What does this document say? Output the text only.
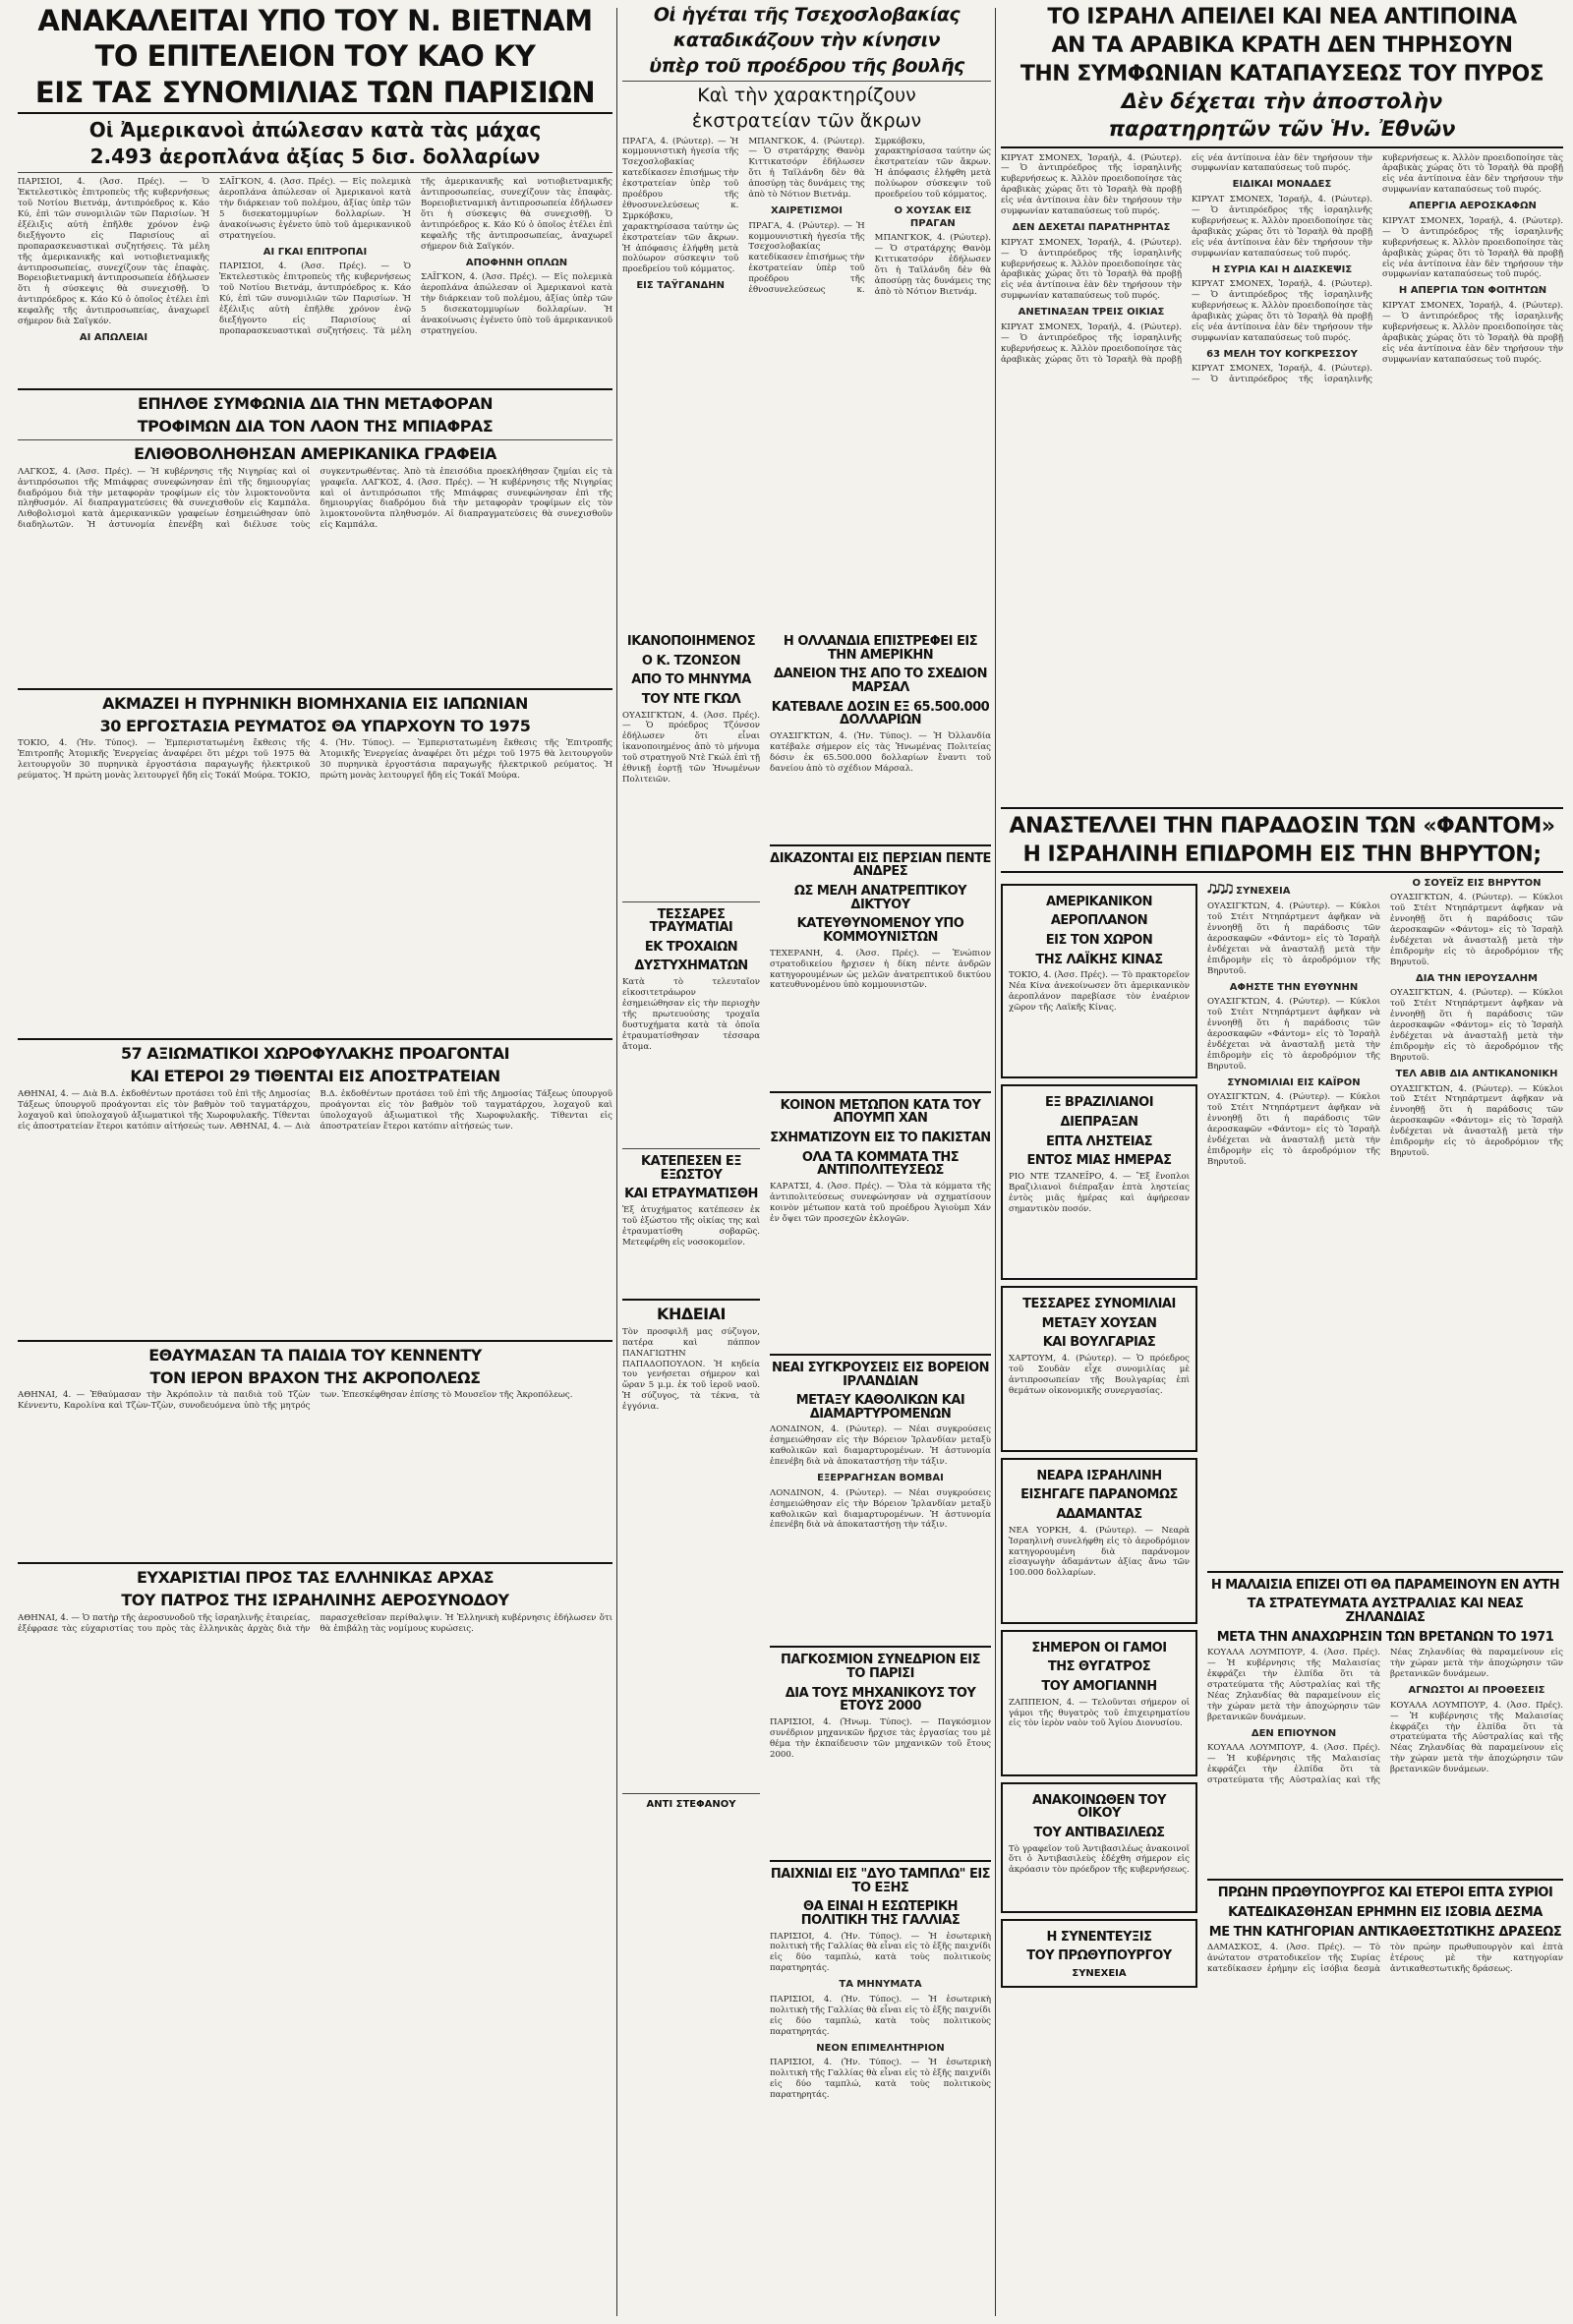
ΑΝΑΚΑΛΕΙΤΑΙ ΥΠΟ ΤΟΥ Ν. ΒΙΕΤΝΑΜ
ΤΟ ΕΠΙΤΕΛΕΙΟΝ ΤΟΥ ΚΑΟ ΚΥ
ΕΙΣ ΤΑΣ ΣΥΝΟΜΙΛΙΑΣ ΤΩΝ ΠΑΡΙΣΙΩΝ
Οἱ Ἀμερικανοὶ ἀπώλεσαν κατὰ τὰς μάχας
2.493 ἀεροπλάνα ἀξίας 5 δισ. δολλαρίων
ΠΑΡΙΣΙΟΙ, 4. (Ἀσσ. Πρές). — Ὁ Ἐκτελεστικὸς ἐπιτροπεὺς τῆς κυβερνήσεως τοῦ Νοτίου Βιετνάμ, ἀντιπρόεδρος κ. Κάο Κύ, ἐπὶ τῶν συνομιλιῶν τῶν Παρισίων. Ἡ ἐξέλιξις αὐτὴ ἐπῆλθε χρόνον ἐνῷ διεξήγοντο εἰς Παρισίους αἱ προπαρασκευαστικαὶ συζητήσεις. Τὰ μέλη τῆς ἀμερικανικῆς καὶ νοτιοβιετναμικῆς ἀντιπροσωπείας, συνεχίζουν τὰς ἐπαφὰς. Βορειοβιετναμικὴ ἀντιπροσωπεία ἐδήλωσεν ὅτι ἡ σύσκεψις θὰ συνεχισθῇ. Ὁ ἀντιπρόεδρος κ. Κάο Κύ ὁ ὁποῖος ἐτέλει ἐπὶ κεφαλῆς τῆς ἀντιπροσωπείας, ἀναχωρεῖ σήμερον διὰ Σαϊγκόν.
ΑΙ ΑΠΩΛΕΙΑΙ
ΣΑΪΓΚΟΝ, 4. (Ἀσσ. Πρές). — Εἰς πολεμικὰ ἀεροπλάνα ἀπώλεσαν οἱ Ἀμερικανοὶ κατὰ τὴν διάρκειαν τοῦ πολέμου, ἀξίας ὑπὲρ τῶν 5 δισεκατομμυρίων δολλαρίων. Ἡ ἀνακοίνωσις ἐγένετο ὑπὸ τοῦ ἀμερικανικοῦ στρατηγείου.
ΑΙ ΓΚΑΙ ΕΠΙΤΡΟΠΑΙ
ΠΑΡΙΣΙΟΙ, 4. (Ἀσσ. Πρές). — Ὁ Ἐκτελεστικὸς ἐπιτροπεὺς τῆς κυβερνήσεως τοῦ Νοτίου Βιετνάμ, ἀντιπρόεδρος κ. Κάο Κύ, ἐπὶ τῶν συνομιλιῶν τῶν Παρισίων. Ἡ ἐξέλιξις αὐτὴ ἐπῆλθε χρόνον ἐνῷ διεξήγοντο εἰς Παρισίους αἱ προπαρασκευαστικαὶ συζητήσεις. Τὰ μέλη τῆς ἀμερικανικῆς καὶ νοτιοβιετναμικῆς ἀντιπροσωπείας, συνεχίζουν τὰς ἐπαφὰς. Βορειοβιετναμικὴ ἀντιπροσωπεία ἐδήλωσεν ὅτι ἡ σύσκεψις θὰ συνεχισθῇ. Ὁ ἀντιπρόεδρος κ. Κάο Κύ ὁ ὁποῖος ἐτέλει ἐπὶ κεφαλῆς τῆς ἀντιπροσωπείας, ἀναχωρεῖ σήμερον διὰ Σαϊγκόν.
ΑΠΟΦΗΝΗ ΟΠΛΩΝ
ΣΑΪΓΚΟΝ, 4. (Ἀσσ. Πρές). — Εἰς πολεμικὰ ἀεροπλάνα ἀπώλεσαν οἱ Ἀμερικανοὶ κατὰ τὴν διάρκειαν τοῦ πολέμου, ἀξίας ὑπὲρ τῶν 5 δισεκατομμυρίων δολλαρίων. Ἡ ἀνακοίνωσις ἐγένετο ὑπὸ τοῦ ἀμερικανικοῦ στρατηγείου.
ΕΠΗΛΘΕ ΣΥΜΦΩΝΙΑ ΔΙΑ ΤΗΝ ΜΕΤΑΦΟΡΑΝ
ΤΡΟΦΙΜΩΝ ΔΙΑ ΤΟΝ ΛΑΟΝ ΤΗΣ ΜΠΙΑΦΡΑΣ
ΕΛΙΘΟΒΟΛΗΘΗΣΑΝ ΑΜΕΡΙΚΑΝΙΚΑ ΓΡΑΦΕΙΑ
ΛΑΓΚΟΣ, 4. (Ἀσσ. Πρές). — Ἡ κυβέρνησις τῆς Νιγηρίας καὶ οἱ ἀντιπρόσωποι τῆς Μπιάφρας συνεφώνησαν ἐπὶ τῆς δημιουργίας διαδρόμου διὰ τὴν μεταφορὰν τροφίμων εἰς τὸν λιμοκτονοῦντα πληθυσμόν. Αἱ διαπραγματεύσεις θὰ συνεχισθοῦν εἰς Καμπάλα. Λιθοβολισμοὶ κατὰ ἀμερικανικῶν γραφείων ἐσημειώθησαν ὑπὸ διαδηλωτῶν. Ἡ ἀστυνομία ἐπενέβη καὶ διέλυσε τοὺς συγκεντρωθέντας. Ἀπὸ τὰ ἐπεισόδια προεκλήθησαν ζημίαι εἰς τὰ γραφεῖα. ΛΑΓΚΟΣ, 4. (Ἀσσ. Πρές). — Ἡ κυβέρνησις τῆς Νιγηρίας καὶ οἱ ἀντιπρόσωποι τῆς Μπιάφρας συνεφώνησαν ἐπὶ τῆς δημιουργίας διαδρόμου διὰ τὴν μεταφορὰν τροφίμων εἰς τὸν λιμοκτονοῦντα πληθυσμόν. Αἱ διαπραγματεύσεις θὰ συνεχισθοῦν εἰς Καμπάλα.
ΑΚΜΑΖΕΙ Η ΠΥΡΗΝΙΚΗ ΒΙΟΜΗΧΑΝΙΑ ΕΙΣ ΙΑΠΩΝΙΑΝ
30 ΕΡΓΟΣΤΑΣΙΑ ΡΕΥΜΑΤΟΣ ΘΑ ΥΠΑΡΧΟΥΝ ΤΟ 1975
ΤΟΚΙΟ, 4. (Ἡν. Τύπος). — Ἐμπεριστατωμένη ἔκθεσις τῆς Ἐπιτροπῆς Ἀτομικῆς Ἐνεργείας ἀναφέρει ὅτι μέχρι τοῦ 1975 θὰ λειτουργοῦν 30 πυρηνικὰ ἐργοστάσια παραγωγῆς ἠλεκτρικοῦ ρεύματος. Ἡ πρώτη μονὰς λειτουργεῖ ἤδη εἰς Τοκάϊ Μούρα. ΤΟΚΙΟ, 4. (Ἡν. Τύπος). — Ἐμπεριστατωμένη ἔκθεσις τῆς Ἐπιτροπῆς Ἀτομικῆς Ἐνεργείας ἀναφέρει ὅτι μέχρι τοῦ 1975 θὰ λειτουργοῦν 30 πυρηνικὰ ἐργοστάσια παραγωγῆς ἠλεκτρικοῦ ρεύματος. Ἡ πρώτη μονὰς λειτουργεῖ ἤδη εἰς Τοκάϊ Μούρα.
57 ΑΞΙΩΜΑΤΙΚΟΙ ΧΩΡΟΦΥΛΑΚΗΣ ΠΡΟΑΓΟΝΤΑΙ
ΚΑΙ ΕΤΕΡΟΙ 29 ΤΙΘΕΝΤΑΙ ΕΙΣ ΑΠΟΣΤΡΑΤΕΙΑΝ
ΑΘΗΝΑΙ, 4. — Διὰ Β.Δ. ἐκδοθέντων προτάσει τοῦ ἐπὶ τῆς Δημοσίας Τάξεως ὑπουργοῦ προάγονται εἰς τὸν βαθμὸν τοῦ ταγματάρχου, λοχαγοῦ καὶ ὑπολοχαγοῦ ἀξιωματικοὶ τῆς Χωροφυλακῆς. Τίθενται εἰς ἀποστρατείαν ἕτεροι κατόπιν αἰτήσεώς των. ΑΘΗΝΑΙ, 4. — Διὰ Β.Δ. ἐκδοθέντων προτάσει τοῦ ἐπὶ τῆς Δημοσίας Τάξεως ὑπουργοῦ προάγονται εἰς τὸν βαθμὸν τοῦ ταγματάρχου, λοχαγοῦ καὶ ὑπολοχαγοῦ ἀξιωματικοὶ τῆς Χωροφυλακῆς. Τίθενται εἰς ἀποστρατείαν ἕτεροι κατόπιν αἰτήσεώς των.
ΕΘΑΥΜΑΣΑΝ ΤΑ ΠΑΙΔΙΑ ΤΟΥ ΚΕΝΝΕΝΤΥ
ΤΟΝ ΙΕΡΟΝ ΒΡΑΧΟΝ ΤΗΣ ΑΚΡΟΠΟΛΕΩΣ
ΑΘΗΝΑΙ, 4. — Ἐθαύμασαν τὴν Ἀκρόπολιν τὰ παιδιὰ τοῦ Τζὼν Κέννεντυ, Καρολίνα καὶ Τζὼν-Τζὼν, συνοδευόμενα ὑπὸ τῆς μητρός των. Ἐπεσκέφθησαν ἐπίσης τὸ Μουσεῖον τῆς Ἀκροπόλεως.
ΕΥΧΑΡΙΣΤΙΑΙ ΠΡΟΣ ΤΑΣ ΕΛΛΗΝΙΚΑΣ ΑΡΧΑΣ
ΤΟΥ ΠΑΤΡΟΣ ΤΗΣ ΙΣΡΑΗΛΙΝΗΣ ΑΕΡΟΣΥΝΟΔΟΥ
ΑΘΗΝΑΙ, 4. — Ὁ πατὴρ τῆς ἀεροσυνοδοῦ τῆς ἰσραηλινῆς ἑταιρείας, ἐξέφρασε τὰς εὐχαριστίας του πρὸς τὰς ἑλληνικὰς ἀρχὰς διὰ τὴν παρασχεθεῖσαν περίθαλψιν. Ἡ Ἑλληνικὴ κυβέρνησις ἐδήλωσεν ὅτι θὰ ἐπιβάλῃ τὰς νομίμους κυρώσεις.
Οἱ ἡγέται τῆς Τσεχοσλοβακίας
καταδικάζουν τὴν κίνησιν
ὑπὲρ τοῦ προέδρου τῆς βουλῆς
Καὶ τὴν χαρακτηρίζουν
ἐκστρατείαν τῶν ἄκρων
ΠΡΑΓΑ, 4. (Ρώυτερ). — Ἡ κομμουνιστικὴ ἡγεσία τῆς Τσεχοσλοβακίας κατεδίκασεν ἐπισήμως τὴν ἐκστρατείαν ὑπὲρ τοῦ προέδρου τῆς ἐθνοσυνελεύσεως κ. Σμρκόβσκυ, χαρακτηρίσασα ταύτην ὡς ἐκστρατείαν τῶν ἄκρων. Ἡ ἀπόφασις ἐλήφθη μετὰ πολύωρον σύσκεψιν τοῦ προεδρείου τοῦ κόμματος.
ΕΙΣ ΤΑΫΓΑΝΔΗΝ
ΜΠΑΝΓΚΟΚ, 4. (Ρώυτερ). — Ὁ στρατάρχης Θανὸμ Κιττικατσόρν ἐδήλωσεν ὅτι ἡ Ταϊλάνδη δὲν θὰ ἀποσύρῃ τὰς δυνάμεις της ἀπὸ τὸ Νότιον Βιετνάμ.
ΧΑΙΡΕΤΙΣΜΟΙ
ΠΡΑΓΑ, 4. (Ρώυτερ). — Ἡ κομμουνιστικὴ ἡγεσία τῆς Τσεχοσλοβακίας κατεδίκασεν ἐπισήμως τὴν ἐκστρατείαν ὑπὲρ τοῦ προέδρου τῆς ἐθνοσυνελεύσεως κ. Σμρκόβσκυ, χαρακτηρίσασα ταύτην ὡς ἐκστρατείαν τῶν ἄκρων. Ἡ ἀπόφασις ἐλήφθη μετὰ πολύωρον σύσκεψιν τοῦ προεδρείου τοῦ κόμματος.
Ο ΧΟΥΣΑΚ ΕΙΣ ΠΡΑΓΑΝ
ΜΠΑΝΓΚΟΚ, 4. (Ρώυτερ). — Ὁ στρατάρχης Θανὸμ Κιττικατσόρν ἐδήλωσεν ὅτι ἡ Ταϊλάνδη δὲν θὰ ἀποσύρῃ τὰς δυνάμεις της ἀπὸ τὸ Νότιον Βιετνάμ.
ΙΚΑΝΟΠΟΙΗΜΕΝΟΣ
Ο Κ. ΤΖΟΝΣΟΝ
ΑΠΟ ΤΟ ΜΗΝΥΜΑ
ΤΟΥ ΝΤΕ ΓΚΩΛ
ΟΥΑΣΙΓΚΤΩΝ, 4. (Ἀσσ. Πρές). — Ὁ πρόεδρος Τζόνσον ἐδήλωσεν ὅτι εἶναι ἱκανοποιημένος ἀπὸ τὸ μήνυμα τοῦ στρατηγοῦ Ντὲ Γκώλ ἐπὶ τῇ ἐθνικῇ ἑορτῇ τῶν Ἡνωμένων Πολιτειῶν.
ΤΕΣΣΑΡΕΣ ΤΡΑΥΜΑΤΙΑΙ
ΕΚ ΤΡΟΧΑΙΩΝ
ΔΥΣΤΥΧΗΜΑΤΩΝ
Κατὰ τὸ τελευταῖον εἰκοσιτετράωρον ἐσημειώθησαν εἰς τὴν περιοχὴν τῆς πρωτευούσης τροχαῖα δυστυχήματα κατὰ τὰ ὁποῖα ἐτραυματίσθησαν τέσσαρα ἄτομα.
ΚΑΤΕΠΕΣΕΝ ΕΞ ΕΞΩΣΤΟΥ
ΚΑΙ ΕΤΡΑΥΜΑΤΙΣΘΗ
Ἐξ ἀτυχήματος κατέπεσεν ἐκ τοῦ ἐξώστου τῆς οἰκίας της καὶ ἐτραυματίσθη σοβαρῶς. Μετεφέρθη εἰς νοσοκομεῖον.
ΚΗΔΕΙΑΙ
Τὸν προσφιλῆ μας σύζυγον, πατέρα καὶ πάππον ΠΑΝΑΓΙΩΤΗΝ ΠΑΠΑΔΟΠΟΥΛΟΝ. Ἡ κηδεία του γενήσεται σήμερον καὶ ὥραν 5 μ.μ. ἐκ τοῦ ἱεροῦ ναοῦ. Ἡ σύζυγος, τὰ τέκνα, τὰ ἐγγόνια.
ΑΝΤΙ ΣΤΕΦΑΝΟΥ
Η ΟΛΛΑΝΔΙΑ ΕΠΙΣΤΡΕΦΕΙ ΕΙΣ ΤΗΝ ΑΜΕΡΙΚΗΝ
ΔΑΝΕΙΟΝ ΤΗΣ ΑΠΟ ΤΟ ΣΧΕΔΙΟΝ ΜΑΡΣΑΛ
ΚΑΤΕΒΑΛΕ ΔΟΣΙΝ ΕΞ 65.500.000 ΔΟΛΛΑΡΙΩΝ
ΟΥΑΣΙΓΚΤΩΝ, 4. (Ἡν. Τύπος). — Ἡ Ὀλλανδία κατέβαλε σήμερον εἰς τὰς Ἡνωμένας Πολιτείας δόσιν ἐκ 65.500.000 δολλαρίων ἔναντι τοῦ δανείου ἀπὸ τὸ σχέδιον Μάρσαλ.
ΔΙΚΑΖΟΝΤΑΙ ΕΙΣ ΠΕΡΣΙΑΝ ΠΕΝΤΕ ΑΝΔΡΕΣ
ΩΣ ΜΕΛΗ ΑΝΑΤΡΕΠΤΙΚΟΥ ΔΙΚΤΥΟΥ
ΚΑΤΕΥΘΥΝΟΜΕΝΟΥ ΥΠΟ ΚΟΜΜΟΥΝΙΣΤΩΝ
ΤΕΧΕΡΑΝΗ, 4. (Ἀσσ. Πρές). — Ἐνώπιον στρατοδικείου ἤρχισεν ἡ δίκη πέντε ἀνδρῶν κατηγορουμένων ὡς μελῶν ἀνατρεπτικοῦ δικτύου κατευθυνομένου ὑπὸ κομμουνιστῶν.
ΚΟΙΝΟΝ ΜΕΤΩΠΟΝ ΚΑΤΑ ΤΟΥ ΑΠΟΥΜΠ ΧΑΝ
ΣΧΗΜΑΤΙΖΟΥΝ ΕΙΣ ΤΟ ΠΑΚΙΣΤΑΝ
ΟΛΑ ΤΑ ΚΟΜΜΑΤΑ ΤΗΣ ΑΝΤΙΠΟΛΙΤΕΥΣΕΩΣ
ΚΑΡΑΤΣΙ, 4. (Ἀσσ. Πρές). — Ὅλα τὰ κόμματα τῆς ἀντιπολιτεύσεως συνεφώνησαν νὰ σχηματίσουν κοινὸν μέτωπον κατὰ τοῦ προέδρου Ἀγιοὺμπ Χάν ἐν ὄψει τῶν προσεχῶν ἐκλογῶν.
ΝΕΑΙ ΣΥΓΚΡΟΥΣΕΙΣ ΕΙΣ ΒΟΡΕΙΟΝ ΙΡΛΑΝΔΙΑΝ
ΜΕΤΑΞΥ ΚΑΘΟΛΙΚΩΝ ΚΑΙ ΔΙΑΜΑΡΤΥΡΟΜΕΝΩΝ
ΛΟΝΔΙΝΟΝ, 4. (Ρώυτερ). — Νέαι συγκρούσεις ἐσημειώθησαν εἰς τὴν Βόρειον Ἰρλανδίαν μεταξὺ καθολικῶν καὶ διαμαρτυρομένων. Ἡ ἀστυνομία ἐπενέβη διὰ νὰ ἀποκαταστήσῃ τὴν τάξιν.
ΕΞΕΡΡΑΓΗΣΑΝ ΒΟΜΒΑΙ
ΛΟΝΔΙΝΟΝ, 4. (Ρώυτερ). — Νέαι συγκρούσεις ἐσημειώθησαν εἰς τὴν Βόρειον Ἰρλανδίαν μεταξὺ καθολικῶν καὶ διαμαρτυρομένων. Ἡ ἀστυνομία ἐπενέβη διὰ νὰ ἀποκαταστήσῃ τὴν τάξιν.
ΠΑΓΚΟΣΜΙΟΝ ΣΥΝΕΔΡΙΟΝ ΕΙΣ ΤΟ ΠΑΡΙΣΙ
ΔΙΑ ΤΟΥΣ ΜΗΧΑΝΙΚΟΥΣ ΤΟΥ ΕΤΟΥΣ 2000
ΠΑΡΙΣΙΟΙ, 4. (Ἡνωμ. Τύπος). — Παγκόσμιον συνέδριον μηχανικῶν ἤρχισε τὰς ἐργασίας του μὲ θέμα τὴν ἐκπαίδευσιν τῶν μηχανικῶν τοῦ ἔτους 2000.
ΠΑΙΧΝΙΔΙ ΕΙΣ "ΔΥΟ ΤΑΜΠΛΩ" ΕΙΣ ΤΟ ΕΞΗΣ
ΘΑ ΕΙΝΑΙ Η ΕΣΩΤΕΡΙΚΗ ΠΟΛΙΤΙΚΗ ΤΗΣ ΓΑΛΛΙΑΣ
ΠΑΡΙΣΙΟΙ, 4. (Ἡν. Τύπος). — Ἡ ἐσωτερικὴ πολιτικὴ τῆς Γαλλίας θὰ εἶναι εἰς τὸ ἑξῆς παιχνίδι εἰς δύο ταμπλώ, κατὰ τοὺς πολιτικοὺς παρατηρητάς.
ΤΑ ΜΗΝΥΜΑΤΑ
ΠΑΡΙΣΙΟΙ, 4. (Ἡν. Τύπος). — Ἡ ἐσωτερικὴ πολιτικὴ τῆς Γαλλίας θὰ εἶναι εἰς τὸ ἑξῆς παιχνίδι εἰς δύο ταμπλώ, κατὰ τοὺς πολιτικοὺς παρατηρητάς.
ΝΕΟΝ ΕΠΙΜΕΛΗΤΗΡΙΟΝ
ΠΑΡΙΣΙΟΙ, 4. (Ἡν. Τύπος). — Ἡ ἐσωτερικὴ πολιτικὴ τῆς Γαλλίας θὰ εἶναι εἰς τὸ ἑξῆς παιχνίδι εἰς δύο ταμπλώ, κατὰ τοὺς πολιτικοὺς παρατηρητάς.
ΤΟ ΙΣΡΑΗΛ ΑΠΕΙΛΕΙ ΚΑΙ ΝΕΑ ΑΝΤΙΠΟΙΝΑ
ΑΝ ΤΑ ΑΡΑΒΙΚΑ ΚΡΑΤΗ ΔΕΝ ΤΗΡΗΣΟΥΝ
ΤΗΝ ΣΥΜΦΩΝΙΑΝ ΚΑΤΑΠΑΥΣΕΩΣ ΤΟΥ ΠΥΡΟΣ
Δὲν δέχεται τὴν ἀποστολὴν
παρατηρητῶν τῶν Ἡν. Ἐθνῶν
ΚΙΡΥΑΤ ΣΜΟΝΕΧ, Ἰσραήλ, 4. (Ρώυτερ). — Ὁ ἀντιπρόεδρος τῆς ἰσραηλινῆς κυβερνήσεως κ. Ἀλλὸν προειδοποίησε τὰς ἀραβικὰς χώρας ὅτι τὸ Ἰσραὴλ θὰ προβῇ εἰς νέα ἀντίποινα ἐὰν δὲν τηρήσουν τὴν συμφωνίαν καταπαύσεως τοῦ πυρός.
ΔΕΝ ΔΕΧΕΤΑΙ ΠΑΡΑΤΗΡΗΤΑΣ
ΚΙΡΥΑΤ ΣΜΟΝΕΧ, Ἰσραήλ, 4. (Ρώυτερ). — Ὁ ἀντιπρόεδρος τῆς ἰσραηλινῆς κυβερνήσεως κ. Ἀλλὸν προειδοποίησε τὰς ἀραβικὰς χώρας ὅτι τὸ Ἰσραὴλ θὰ προβῇ εἰς νέα ἀντίποινα ἐὰν δὲν τηρήσουν τὴν συμφωνίαν καταπαύσεως τοῦ πυρός.
ΑΝΕΤΙΝΑΞΑΝ ΤΡΕΙΣ ΟΙΚΙΑΣ
ΚΙΡΥΑΤ ΣΜΟΝΕΧ, Ἰσραήλ, 4. (Ρώυτερ). — Ὁ ἀντιπρόεδρος τῆς ἰσραηλινῆς κυβερνήσεως κ. Ἀλλὸν προειδοποίησε τὰς ἀραβικὰς χώρας ὅτι τὸ Ἰσραὴλ θὰ προβῇ εἰς νέα ἀντίποινα ἐὰν δὲν τηρήσουν τὴν συμφωνίαν καταπαύσεως τοῦ πυρός.
ΕΙΔΙΚΑΙ ΜΟΝΑΔΕΣ
ΚΙΡΥΑΤ ΣΜΟΝΕΧ, Ἰσραήλ, 4. (Ρώυτερ). — Ὁ ἀντιπρόεδρος τῆς ἰσραηλινῆς κυβερνήσεως κ. Ἀλλὸν προειδοποίησε τὰς ἀραβικὰς χώρας ὅτι τὸ Ἰσραὴλ θὰ προβῇ εἰς νέα ἀντίποινα ἐὰν δὲν τηρήσουν τὴν συμφωνίαν καταπαύσεως τοῦ πυρός.
Η ΣΥΡΙΑ ΚΑΙ Η ΔΙΑΣΚΕΨΙΣ
ΚΙΡΥΑΤ ΣΜΟΝΕΧ, Ἰσραήλ, 4. (Ρώυτερ). — Ὁ ἀντιπρόεδρος τῆς ἰσραηλινῆς κυβερνήσεως κ. Ἀλλὸν προειδοποίησε τὰς ἀραβικὰς χώρας ὅτι τὸ Ἰσραὴλ θὰ προβῇ εἰς νέα ἀντίποινα ἐὰν δὲν τηρήσουν τὴν συμφωνίαν καταπαύσεως τοῦ πυρός.
63 ΜΕΛΗ ΤΟΥ ΚΟΓΚΡΕΣΣΟΥ
ΚΙΡΥΑΤ ΣΜΟΝΕΧ, Ἰσραήλ, 4. (Ρώυτερ). — Ὁ ἀντιπρόεδρος τῆς ἰσραηλινῆς κυβερνήσεως κ. Ἀλλὸν προειδοποίησε τὰς ἀραβικὰς χώρας ὅτι τὸ Ἰσραὴλ θὰ προβῇ εἰς νέα ἀντίποινα ἐὰν δὲν τηρήσουν τὴν συμφωνίαν καταπαύσεως τοῦ πυρός.
ΑΠΕΡΓΙΑ ΑΕΡΟΣΚΑΦΩΝ
ΚΙΡΥΑΤ ΣΜΟΝΕΧ, Ἰσραήλ, 4. (Ρώυτερ). — Ὁ ἀντιπρόεδρος τῆς ἰσραηλινῆς κυβερνήσεως κ. Ἀλλὸν προειδοποίησε τὰς ἀραβικὰς χώρας ὅτι τὸ Ἰσραὴλ θὰ προβῇ εἰς νέα ἀντίποινα ἐὰν δὲν τηρήσουν τὴν συμφωνίαν καταπαύσεως τοῦ πυρός.
Η ΑΠΕΡΓΙΑ ΤΩΝ ΦΟΙΤΗΤΩΝ
ΚΙΡΥΑΤ ΣΜΟΝΕΧ, Ἰσραήλ, 4. (Ρώυτερ). — Ὁ ἀντιπρόεδρος τῆς ἰσραηλινῆς κυβερνήσεως κ. Ἀλλὸν προειδοποίησε τὰς ἀραβικὰς χώρας ὅτι τὸ Ἰσραὴλ θὰ προβῇ εἰς νέα ἀντίποινα ἐὰν δὲν τηρήσουν τὴν συμφωνίαν καταπαύσεως τοῦ πυρός.
ΑΝΑΣΤΕΛΛΕΙ ΤΗΝ ΠΑΡΑΔΟΣΙΝ ΤΩΝ «ΦΑΝΤΟΜ»
Η ΙΣΡΑΗΛΙΝΗ ΕΠΙΔΡΟΜΗ ΕΙΣ ΤΗΝ ΒΗΡΥΤΟΝ;
ΑΜΕΡΙΚΑΝΙΚΟΝ
ΑΕΡΟΠΛΑΝΟΝ
ΕΙΣ ΤΟΝ ΧΩΡΟΝ
ΤΗΣ ΛΑΪΚΗΣ ΚΙΝΑΣ
ΤΟΚΙΟ, 4. (Ἀσσ. Πρές). — Τὸ πρακτορεῖον Νέα Κίνα ἀνεκοίνωσεν ὅτι ἀμερικανικὸν ἀεροπλάνον παρεβίασε τὸν ἐναέριον χῶρον τῆς Λαϊκῆς Κίνας.
ΕΞ ΒΡΑΖΙΛΙΑΝΟΙ
ΔΙΕΠΡΑΞΑΝ
ΕΠΤΑ ΛΗΣΤΕΙΑΣ
ΕΝΤΟΣ ΜΙΑΣ ΗΜΕΡΑΣ
ΡΙΟ ΝΤΕ ΤΖΑΝΕΪΡΟ, 4. — Ἓξ ἔνοπλοι Βραζιλιανοὶ διέπραξαν ἑπτὰ ληστείας ἐντὸς μιᾶς ἡμέρας καὶ ἀφήρεσαν σημαντικὸν ποσόν.
ΤΕΣΣΑΡΕΣ ΣΥΝΟΜΙΛΙΑΙ
ΜΕΤΑΞΥ ΧΟΥΣΑΝ
ΚΑΙ ΒΟΥΛΓΑΡΙΑΣ
ΧΑΡΤΟΥΜ, 4. (Ρώυτερ). — Ὁ πρόεδρος τοῦ Σουδὰν εἶχε συνομιλίας μὲ ἀντιπροσωπείαν τῆς Βουλγαρίας ἐπὶ θεμάτων οἰκονομικῆς συνεργασίας.
ΝΕΑΡΑ ΙΣΡΑΗΛΙΝΗ
ΕΙΣΗΓΑΓΕ ΠΑΡΑΝΟΜΩΣ
ΑΔΑΜΑΝΤΑΣ
ΝΕΑ ΥΟΡΚΗ, 4. (Ρώυτερ). — Νεαρὰ Ἰσραηλινὴ συνελήφθη εἰς τὸ ἀεροδρόμιον κατηγορουμένη διὰ παράνομον εἰσαγωγὴν ἀδαμάντων ἀξίας ἄνω τῶν 100.000 δολλαρίων.
ΣΗΜΕΡΟΝ ΟΙ ΓΑΜΟΙ
ΤΗΣ ΘΥΓΑΤΡΟΣ
ΤΟΥ ΑΜΟΓΙΑΝΝΗ
ΖΑΠΠΕΙΟΝ, 4. — Τελοῦνται σήμερον οἱ γάμοι τῆς θυγατρὸς τοῦ ἐπιχειρηματίου εἰς τὸν ἱερὸν ναὸν τοῦ Ἁγίου Διονυσίου.
ΑΝΑΚΟΙΝΩΘΕΝ ΤΟΥ ΟΙΚΟΥ
ΤΟΥ ΑΝΤΙΒΑΣΙΛΕΩΣ
Τὸ γραφεῖον τοῦ Ἀντιβασιλέως ἀνακοινοῖ ὅτι ὁ Ἀντιβασιλεὺς ἐδέχθη σήμερον εἰς ἀκρόασιν τὸν πρόεδρον τῆς κυβερνήσεως.
Η ΣΥΝΕΝΤΕΥΞΙΣ
ΤΟΥ ΠΡΩΘΥΠΟΥΡΓΟΥ
ΣΥΝΕΧΕΙΑ
🎝🎝🎝 ΣΥΝΕΧΕΙΑ
ΟΥΑΣΙΓΚΤΩΝ, 4. (Ρώυτερ). — Κύκλοι τοῦ Στέιτ Ντηπάρτμεντ ἀφῆκαν νὰ ἐννοηθῇ ὅτι ἡ παράδοσις τῶν ἀεροσκαφῶν «Φάντομ» εἰς τὸ Ἰσραὴλ ἐνδέχεται νὰ ἀνασταλῇ μετὰ τὴν ἐπιδρομὴν εἰς τὸ ἀεροδρόμιον τῆς Βηρυτοῦ.
ΑΦΗΣΤΕ ΤΗΝ ΕΥΘΥΝΗΝ
ΟΥΑΣΙΓΚΤΩΝ, 4. (Ρώυτερ). — Κύκλοι τοῦ Στέιτ Ντηπάρτμεντ ἀφῆκαν νὰ ἐννοηθῇ ὅτι ἡ παράδοσις τῶν ἀεροσκαφῶν «Φάντομ» εἰς τὸ Ἰσραὴλ ἐνδέχεται νὰ ἀνασταλῇ μετὰ τὴν ἐπιδρομὴν εἰς τὸ ἀεροδρόμιον τῆς Βηρυτοῦ.
ΣΥΝΟΜΙΛΙΑΙ ΕΙΣ ΚΑΪΡΟΝ
ΟΥΑΣΙΓΚΤΩΝ, 4. (Ρώυτερ). — Κύκλοι τοῦ Στέιτ Ντηπάρτμεντ ἀφῆκαν νὰ ἐννοηθῇ ὅτι ἡ παράδοσις τῶν ἀεροσκαφῶν «Φάντομ» εἰς τὸ Ἰσραὴλ ἐνδέχεται νὰ ἀνασταλῇ μετὰ τὴν ἐπιδρομὴν εἰς τὸ ἀεροδρόμιον τῆς Βηρυτοῦ.
Ο ΣΟΥΕΪΖ ΕΙΣ ΒΗΡΥΤΟΝ
ΟΥΑΣΙΓΚΤΩΝ, 4. (Ρώυτερ). — Κύκλοι τοῦ Στέιτ Ντηπάρτμεντ ἀφῆκαν νὰ ἐννοηθῇ ὅτι ἡ παράδοσις τῶν ἀεροσκαφῶν «Φάντομ» εἰς τὸ Ἰσραὴλ ἐνδέχεται νὰ ἀνασταλῇ μετὰ τὴν ἐπιδρομὴν εἰς τὸ ἀεροδρόμιον τῆς Βηρυτοῦ.
ΔΙΑ ΤΗΝ ΙΕΡΟΥΣΑΛΗΜ
ΟΥΑΣΙΓΚΤΩΝ, 4. (Ρώυτερ). — Κύκλοι τοῦ Στέιτ Ντηπάρτμεντ ἀφῆκαν νὰ ἐννοηθῇ ὅτι ἡ παράδοσις τῶν ἀεροσκαφῶν «Φάντομ» εἰς τὸ Ἰσραὴλ ἐνδέχεται νὰ ἀνασταλῇ μετὰ τὴν ἐπιδρομὴν εἰς τὸ ἀεροδρόμιον τῆς Βηρυτοῦ.
ΤΕΛ ΑΒΙΒ ΔΙΑ ΑΝΤΙΚΑΝΟΝΙΚΗ
ΟΥΑΣΙΓΚΤΩΝ, 4. (Ρώυτερ). — Κύκλοι τοῦ Στέιτ Ντηπάρτμεντ ἀφῆκαν νὰ ἐννοηθῇ ὅτι ἡ παράδοσις τῶν ἀεροσκαφῶν «Φάντομ» εἰς τὸ Ἰσραὴλ ἐνδέχεται νὰ ἀνασταλῇ μετὰ τὴν ἐπιδρομὴν εἰς τὸ ἀεροδρόμιον τῆς Βηρυτοῦ.
Η ΜΑΛΑΙΣΙΑ ΕΠΙΖΕΙ ΟΤΙ ΘΑ ΠΑΡΑΜΕΙΝΟΥΝ ΕΝ ΑΥΤΗ
ΤΑ ΣΤΡΑΤΕΥΜΑΤΑ ΑΥΣΤΡΑΛΙΑΣ ΚΑΙ ΝΕΑΣ ΖΗΛΑΝΔΙΑΣ
ΜΕΤΑ ΤΗΝ ΑΝΑΧΩΡΗΣΙΝ ΤΩΝ ΒΡΕΤΑΝΩΝ ΤΟ 1971
ΚΟΥΑΛΑ ΛΟΥΜΠΟΥΡ, 4. (Ἀσσ. Πρές). — Ἡ κυβέρνησις τῆς Μαλαισίας ἐκφράζει τὴν ἐλπίδα ὅτι τὰ στρατεύματα τῆς Αὐστραλίας καὶ τῆς Νέας Ζηλανδίας θὰ παραμείνουν εἰς τὴν χώραν μετὰ τὴν ἀποχώρησιν τῶν βρετανικῶν δυνάμεων.
ΔΕΝ ΕΠΙΟΥΝΟΝ
ΚΟΥΑΛΑ ΛΟΥΜΠΟΥΡ, 4. (Ἀσσ. Πρές). — Ἡ κυβέρνησις τῆς Μαλαισίας ἐκφράζει τὴν ἐλπίδα ὅτι τὰ στρατεύματα τῆς Αὐστραλίας καὶ τῆς Νέας Ζηλανδίας θὰ παραμείνουν εἰς τὴν χώραν μετὰ τὴν ἀποχώρησιν τῶν βρετανικῶν δυνάμεων.
ΑΓΝΩΣΤΟΙ ΑΙ ΠΡΟΘΕΣΕΙΣ
ΚΟΥΑΛΑ ΛΟΥΜΠΟΥΡ, 4. (Ἀσσ. Πρές). — Ἡ κυβέρνησις τῆς Μαλαισίας ἐκφράζει τὴν ἐλπίδα ὅτι τὰ στρατεύματα τῆς Αὐστραλίας καὶ τῆς Νέας Ζηλανδίας θὰ παραμείνουν εἰς τὴν χώραν μετὰ τὴν ἀποχώρησιν τῶν βρετανικῶν δυνάμεων.
ΠΡΩΗΝ ΠΡΩΘΥΠΟΥΡΓΟΣ ΚΑΙ ΕΤΕΡΟΙ ΕΠΤΑ ΣΥΡΙΟΙ
ΚΑΤΕΔΙΚΑΣΘΗΣΑΝ ΕΡΗΜΗΝ ΕΙΣ ΙΣΟΒΙΑ ΔΕΣΜΑ
ΜΕ ΤΗΝ ΚΑΤΗΓΟΡΙΑΝ ΑΝΤΙΚΑΘΕΣΤΩΤΙΚΗΣ ΔΡΑΣΕΩΣ
ΔΑΜΑΣΚΟΣ, 4. (Ἀσσ. Πρές). — Τὸ ἀνώτατον στρατοδικεῖον τῆς Συρίας κατεδίκασεν ἐρήμην εἰς ἰσόβια δεσμὰ τὸν πρώην πρωθυπουργὸν καὶ ἑπτὰ ἑτέρους μὲ τὴν κατηγορίαν ἀντικαθεστωτικῆς δράσεως.
